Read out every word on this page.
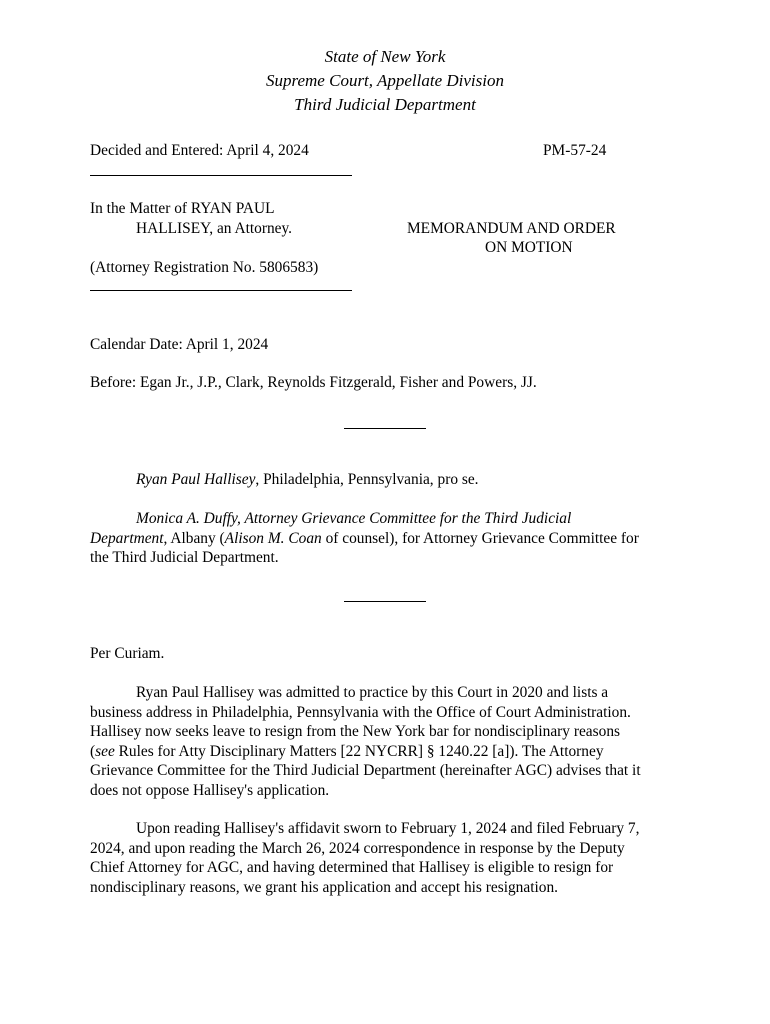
State of New York
Supreme Court, Appellate Division
Third Judicial Department
Decided and Entered: April 4, 2024	PM-57-24
In the Matter of RYAN PAUL
HALLISEY, an Attorney.	MEMORANDUM AND ORDER
ON MOTION
(Attorney Registration No. 5806583)
Calendar Date: April 1, 2024
Before: Egan Jr., J.P., Clark, Reynolds Fitzgerald, Fisher and Powers, JJ.
Ryan Paul Hallisey, Philadelphia, Pennsylvania, pro se.
Monica A. Duffy, Attorney Grievance Committee for the Third Judicial
Department, Albany (Alison M. Coan of counsel), for Attorney Grievance Committee for
the Third Judicial Department.
Per Curiam.
Ryan Paul Hallisey was admitted to practice by this Court in 2020 and lists a
business address in Philadelphia, Pennsylvania with the Office of Court Administration.
Hallisey now seeks leave to resign from the New York bar for nondisciplinary reasons
(see Rules for Atty Disciplinary Matters [22 NYCRR] § 1240.22 [a]). The Attorney
Grievance Committee for the Third Judicial Department (hereinafter AGC) advises that it
does not oppose Hallisey's application.
Upon reading Hallisey's affidavit sworn to February 1, 2024 and filed February 7,
2024, and upon reading the March 26, 2024 correspondence in response by the Deputy
Chief Attorney for AGC, and having determined that Hallisey is eligible to resign for
nondisciplinary reasons, we grant his application and accept his resignation.
